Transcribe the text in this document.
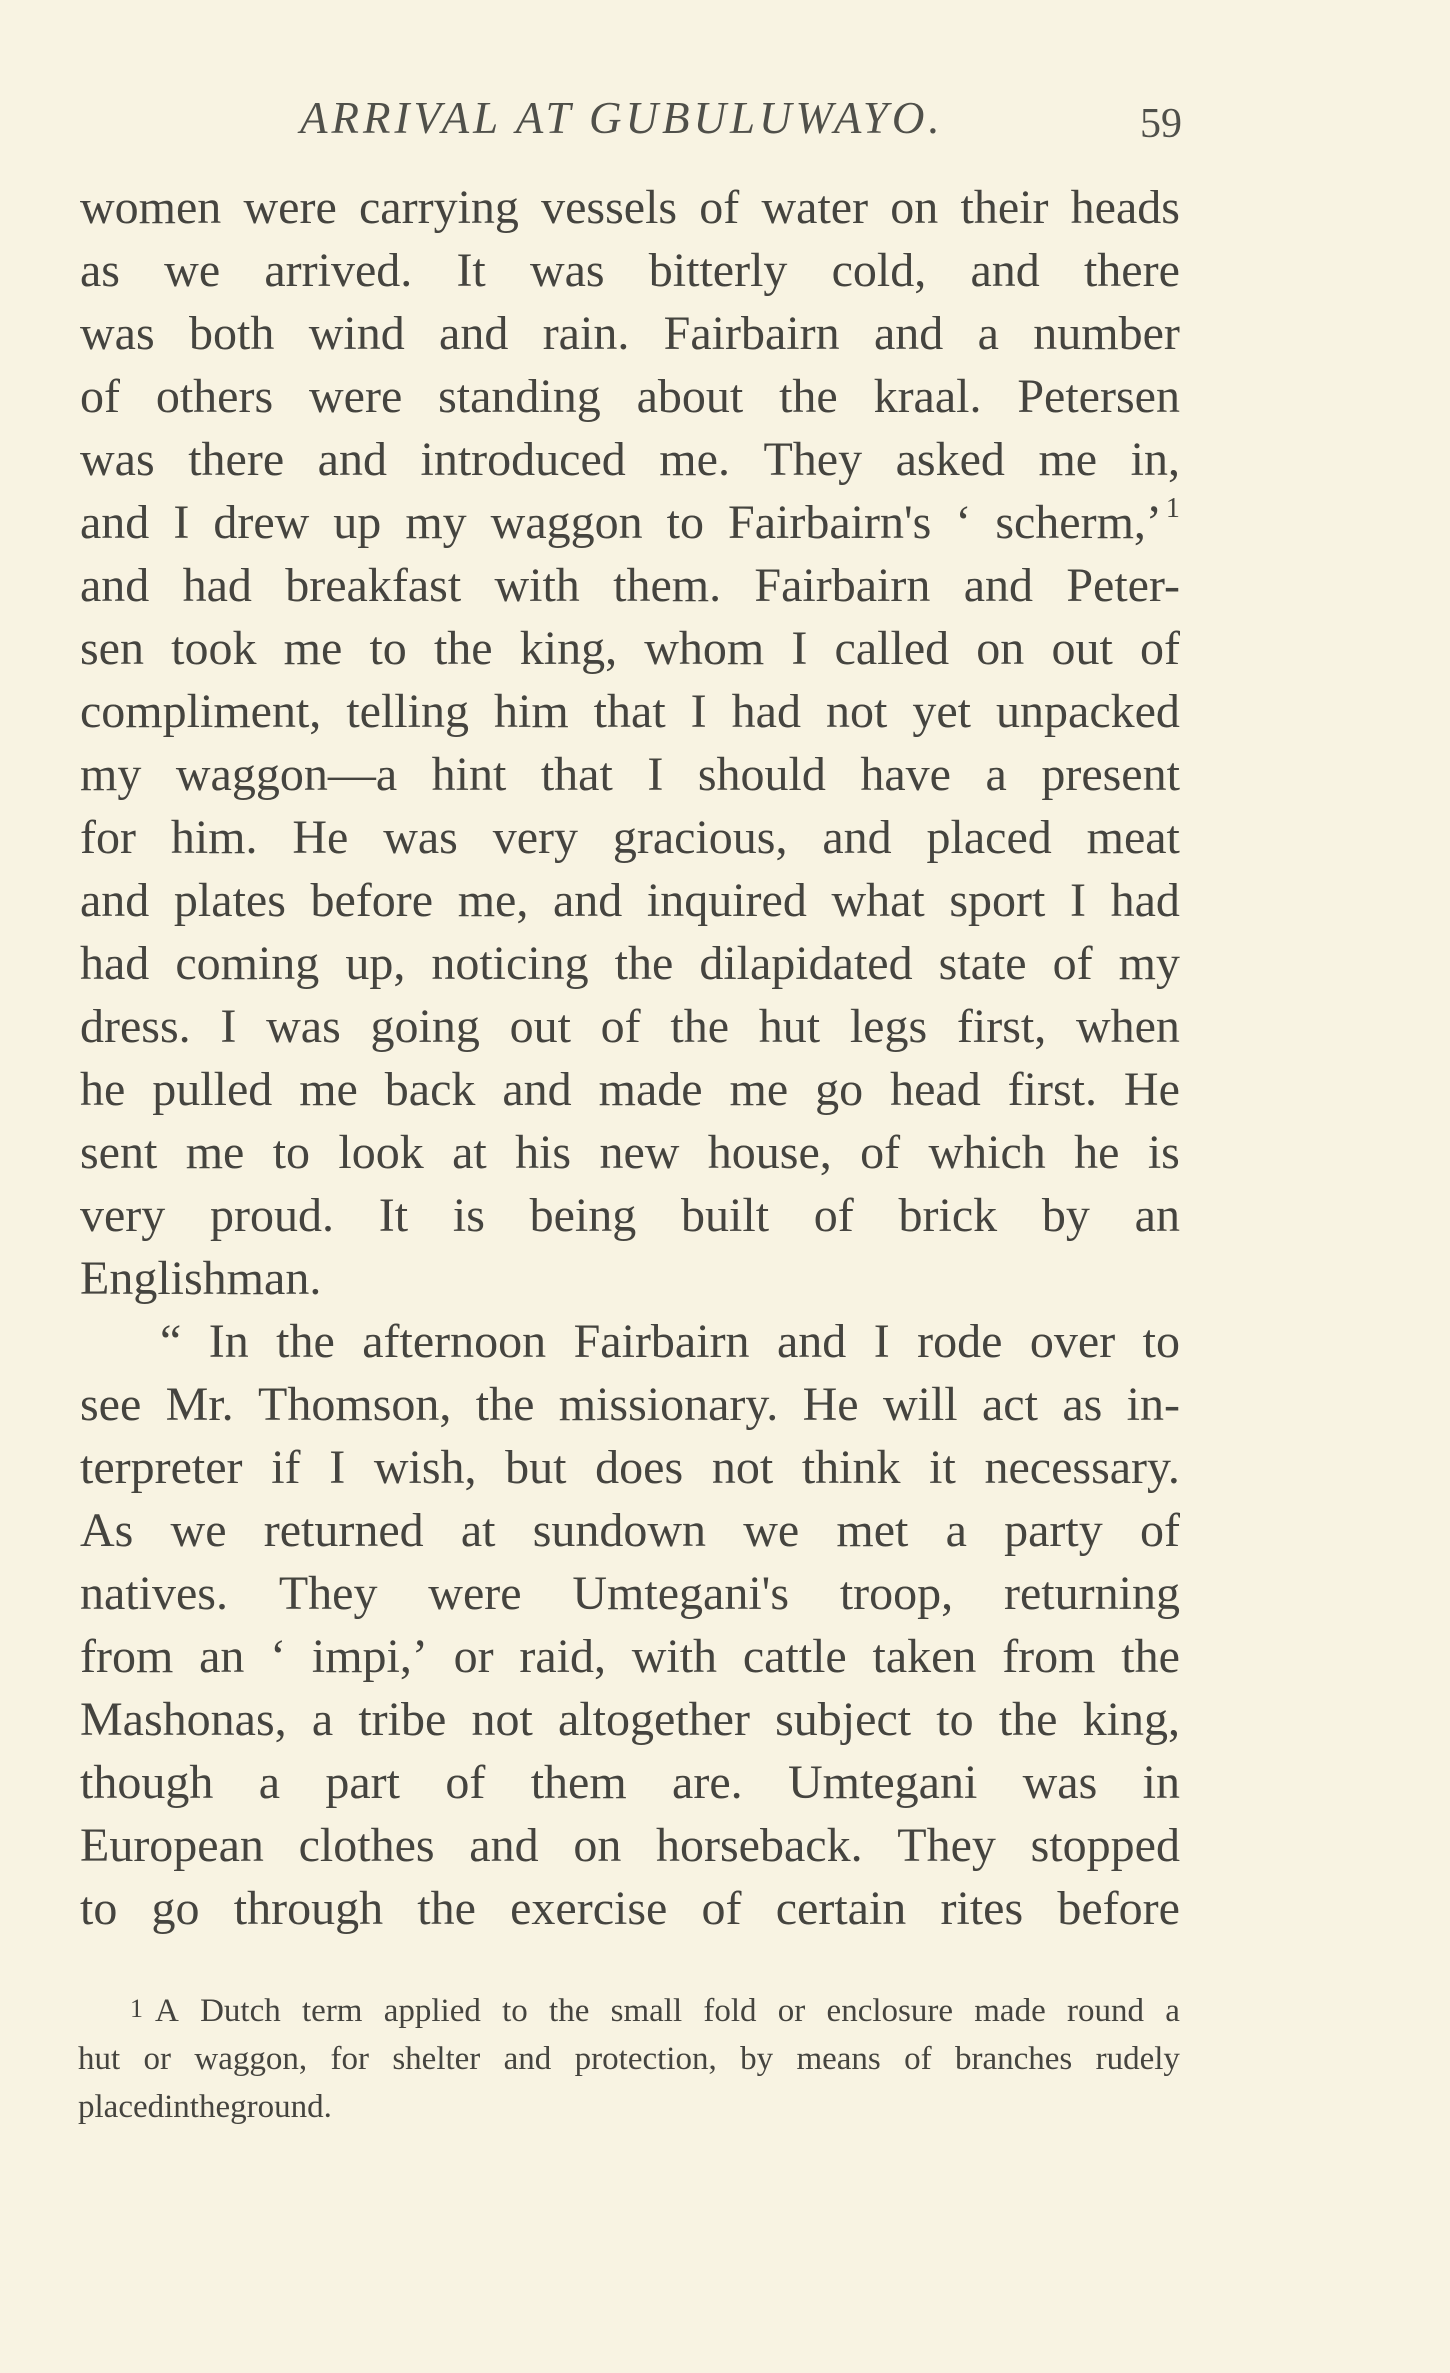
ARRIVAL AT GUBULUWAYO.	59
women were carrying vessels of water on their heads
as we arrived. It was bitterly cold, and there
was both wind and rain. Fairbairn and a number
of others were standing about the kraal. Petersen
was there and introduced me. They asked me in,
and I drew up my waggon to Fairbairn's ‘ scherm,’ $^1$
and had breakfast with them. Fairbairn and Peter-
sen took me to the king, whom I called on out of
compliment, telling him that I had not yet unpacked
my waggon—a hint that I should have a present
for him. He was very gracious, and placed meat
and plates before me, and inquired what sport I had
had coming up, noticing the dilapidated state of my
dress. I was going out of the hut legs first, when
he pulled me back and made me go head first. He
sent me to look at his new house, of which he is
very proud. It is being built of brick by an
Englishman.
“ In the afternoon Fairbairn and I rode over to
see Mr. Thomson, the missionary. He will act as in-
terpreter if I wish, but does not think it necessary.
As we returned at sundown we met a party of
natives. They were Umtegani's troop, returning
from an ‘ impi,’ or raid, with cattle taken from the
Mashonas, a tribe not altogether subject to the king,
though a part of them are. Umtegani was in
European clothes and on horseback. They stopped
to go through the exercise of certain rites before
$^1$ A Dutch term applied to the small fold or enclosure made round a
hut or waggon, for shelter and protection, by means of branches rudely
placed in the ground.
